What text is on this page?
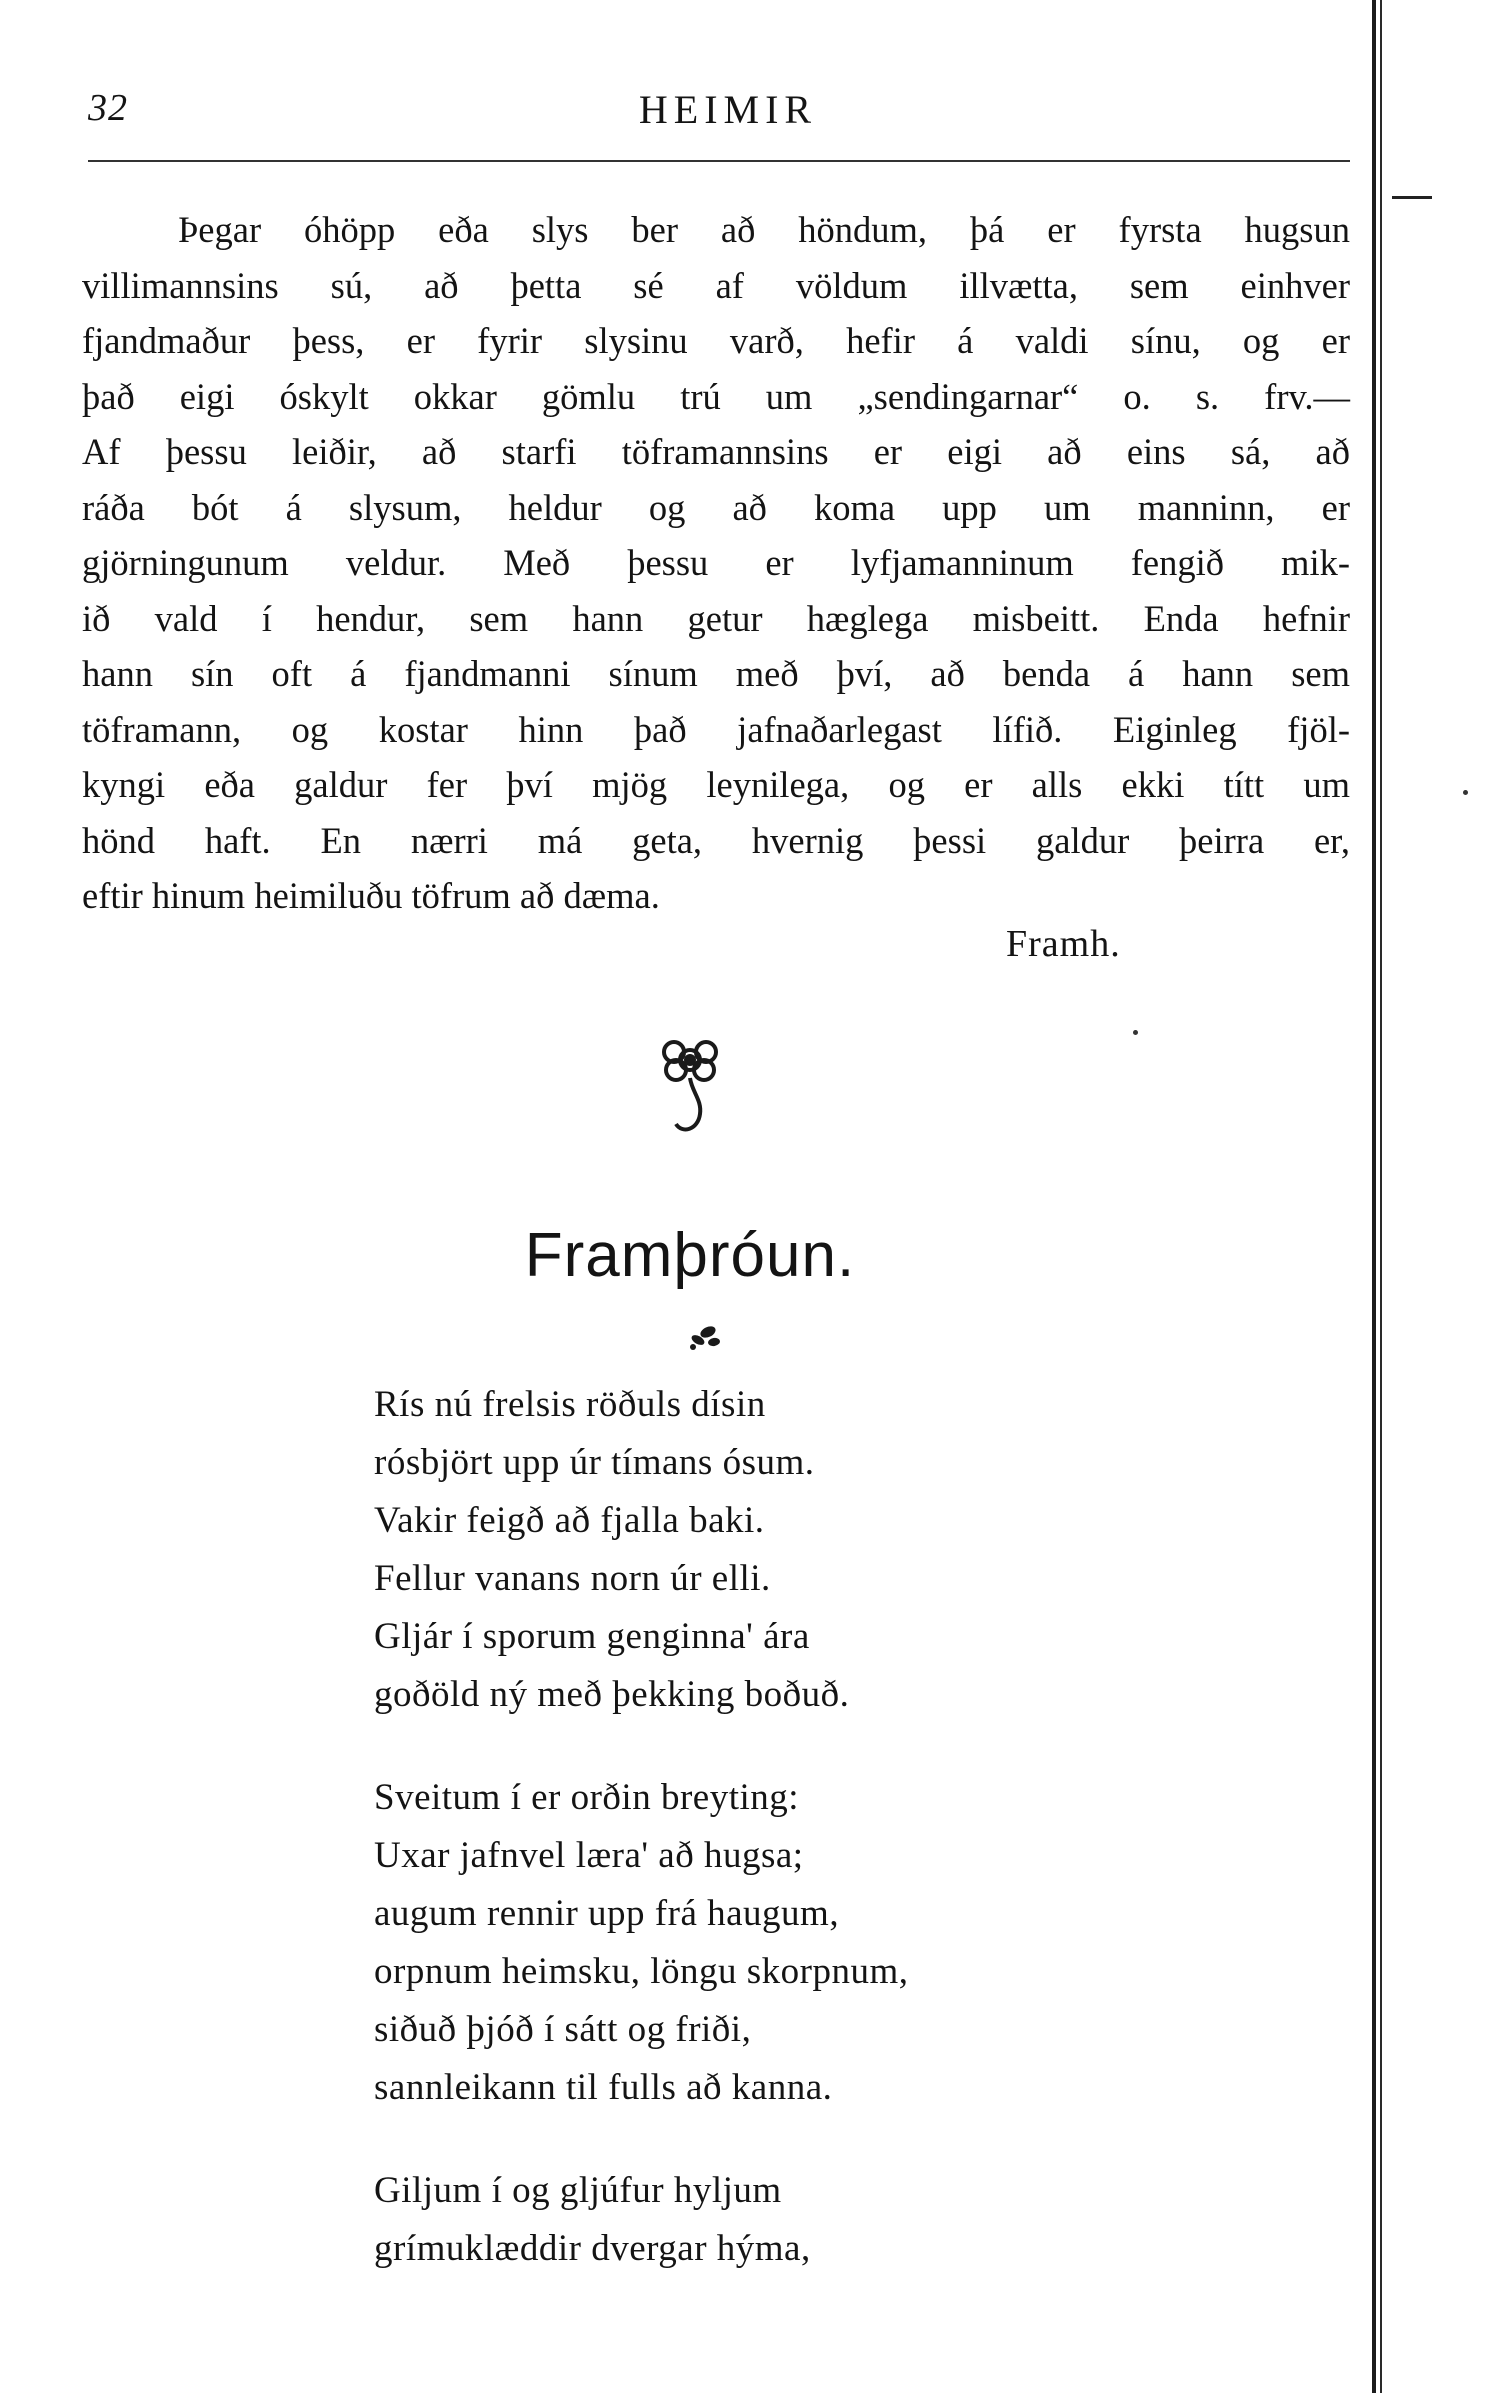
32	HEIMIR
Þegar óhöpp eða slys ber að höndum, þá er fyrsta hugsun
villimannsins sú, að þetta sé af völdum illvætta, sem einhver
fjandmaður þess, er fyrir slysinu varð, hefir á valdi sínu, og er
það eigi óskylt okkar gömlu trú um „sendingarnar“ o. s. frv.—
Af þessu leiðir, að starfi töframannsins er eigi að eins sá, að
ráða bót á slysum, heldur og að koma upp um manninn, er
gjörningunum veldur. Með þessu er lyfjamanninum fengið mik-
ið vald í hendur, sem hann getur hæglega misbeitt. Enda hefnir
hann sín oft á fjandmanni sínum með því, að benda á hann sem
töframann, og kostar hinn það jafnaðarlegast lífið. Eiginleg fjöl-
kyngi eða galdur fer því mjög leynilega, og er alls ekki títt um
hönd haft. En nærri má geta, hvernig þessi galdur þeirra er,
eftir hinum heimiluðu töfrum að dæma.
Framh.
Framþróun.
Rís nú frelsis röðuls dísin
rósbjört upp úr tímans ósum.
Vakir feigð að fjalla baki.
Fellur vanans norn úr elli.
Gljár í sporum genginna' ára
goðöld ný með þekking boðuð.
Sveitum í er orðin breyting:
Uxar jafnvel læra' að hugsa;
augum rennir upp frá haugum,
orpnum heimsku, löngu skorpnum,
siðuð þjóð í sátt og friði,
sannleikann til fulls að kanna.
Giljum í og gljúfur hyljum
grímuklæddir dvergar hýma,
